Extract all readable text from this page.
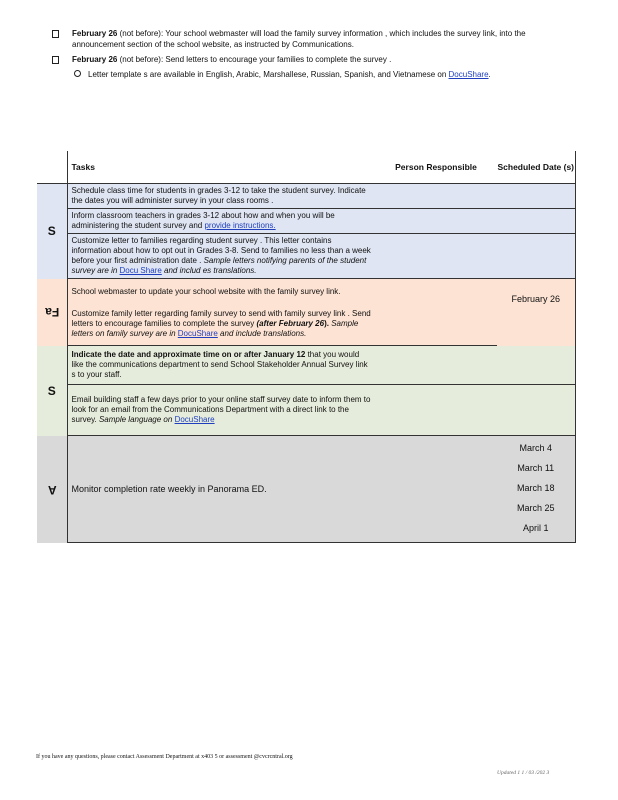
February 26 (not before): Your school webmaster will load the family survey information , which includes the survey link, into the announcement section of the school website, as instructed by Communications.
February 26 (not before): Send letters to encourage your families to complete the survey .
Letter template s are available in English, Arabic, Marshallese, Russian, Spanish, and Vietnamese on DocuShare.
	Tasks	Person Responsible	Scheduled Date (s)
S	Schedule class time for students in grades 3-12 to take the student survey. Indicate the dates you will administer survey in your class rooms .		
	Inform classroom teachers in grades 3-12 about how and when you will be administering the student survey and provide instructions.		
	Customize letter to families regarding student survey . This letter contains information about how to opt out in Grades 3-8. Send to families no less than a week before your first administration date . Sample letters notifying parents of the student survey are in Docu Share and includ es translations.		
Fa	School webmaster to update your school website with the family survey link.		February 26
	Customize family letter regarding family survey to send with family survey link . Send letters to encourage families to complete the survey (after February 26). Sample letters on family survey are in DocuShare and include translations.		
S	Indicate the date and approximate time on or after January 12 that you would like the communications department to send School Stakeholder Annual Survey link s to your staff.		
	Email building staff a few days prior to your online staff survey date to inform them to look for an email from the Communications Department with a direct link to the survey. Sample language on DocuShare		
A	Monitor completion rate weekly in Panorama ED.		March 4
March 11
March 18
March 25
April 1
If you have any questions, please contact Assessment Department at x403 5 or assessment @cvcrcntral.org
Updated 1 1 / 03 /202 3
